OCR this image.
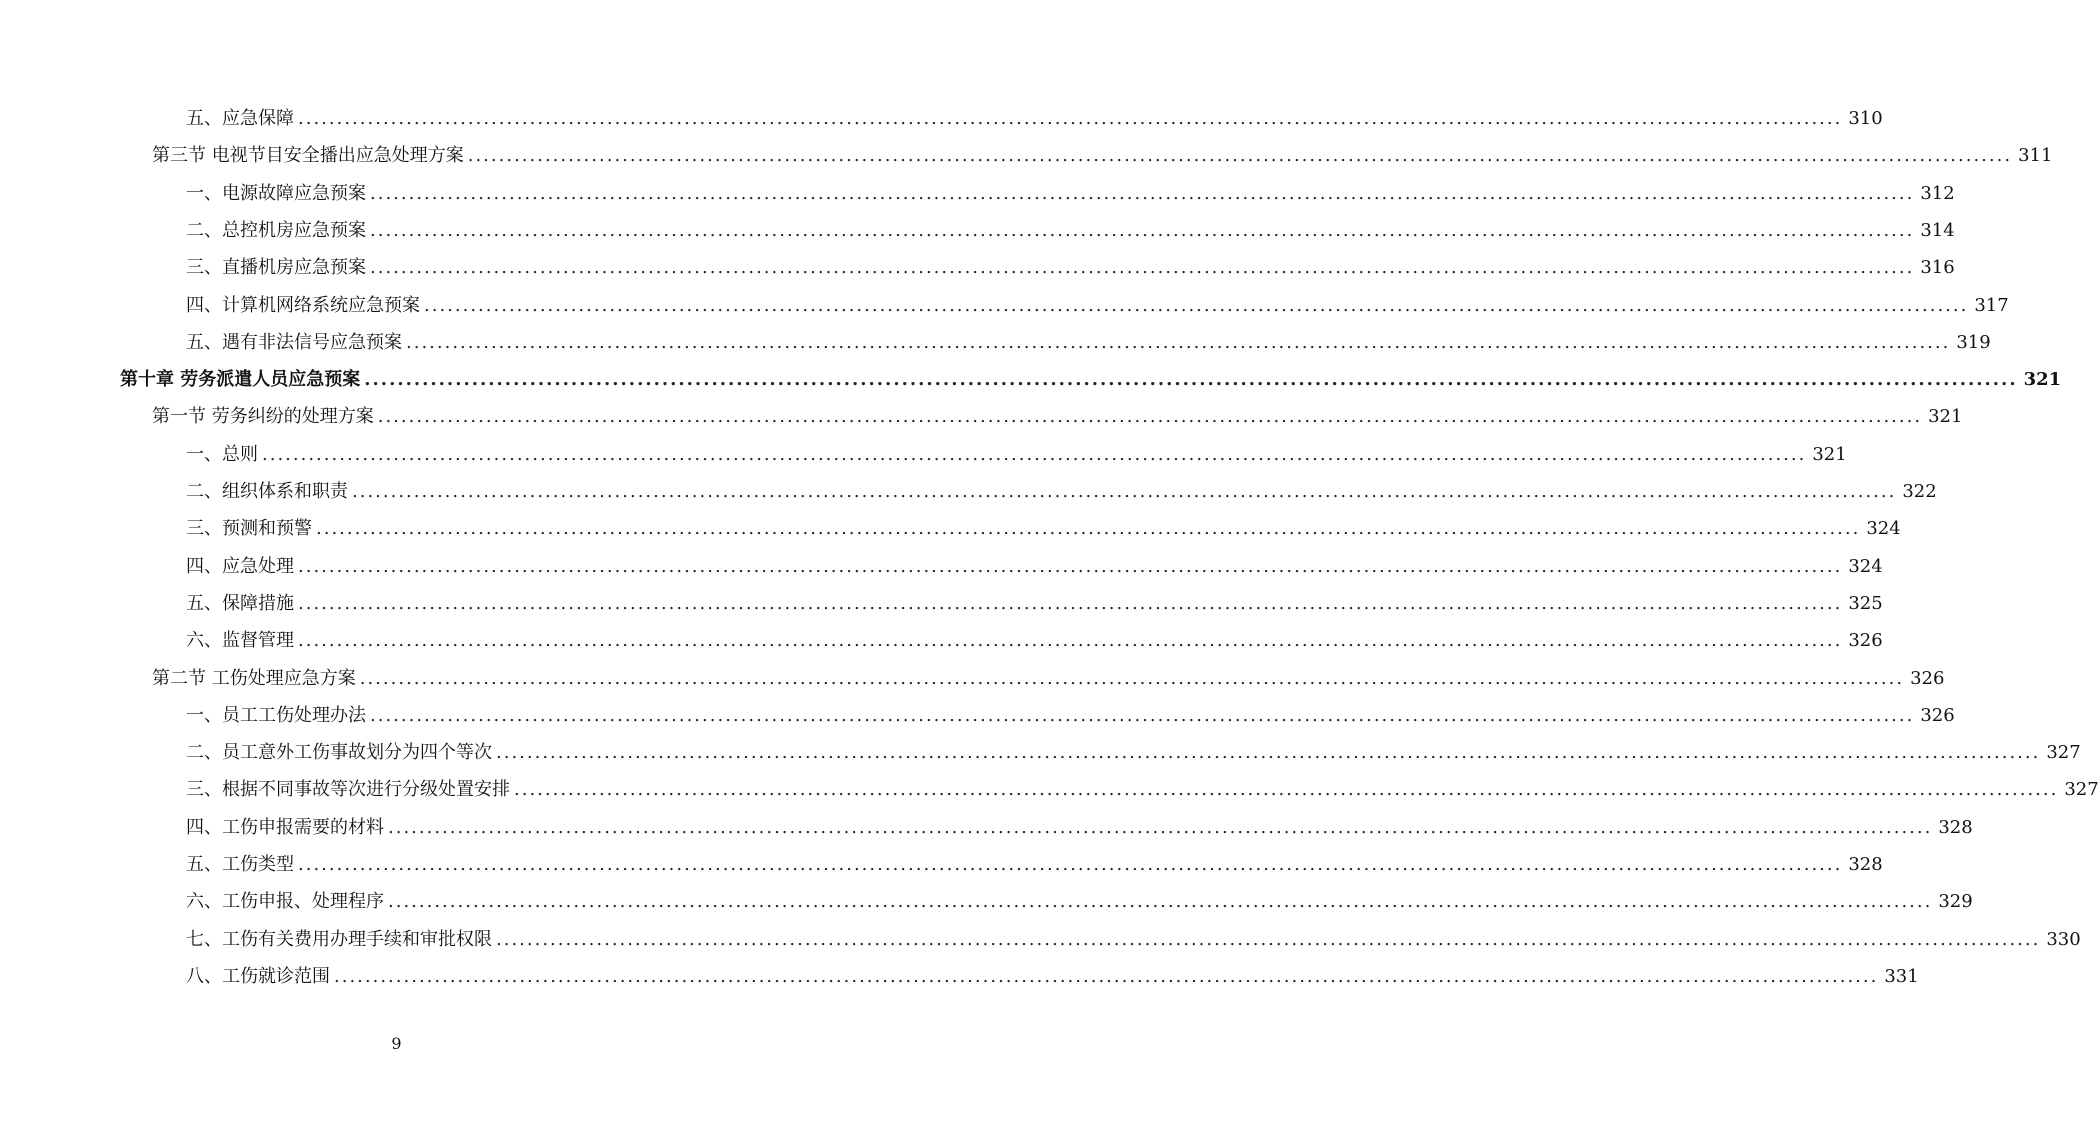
五、应急保障 ........................................................................................................................................................................................................ 310
第三节 电视节目安全播出应急处理方案 ........................................................................................................................................................................................................ 311
一、电源故障应急预案 ........................................................................................................................................................................................................ 312
二、总控机房应急预案 ........................................................................................................................................................................................................ 314
三、直播机房应急预案 ........................................................................................................................................................................................................ 316
四、计算机网络系统应急预案 ........................................................................................................................................................................................................ 317
五、遇有非法信号应急预案 ........................................................................................................................................................................................................ 319
第十章 劳务派遣人员应急预案 ........................................................................................................................................................................................................ 321
第一节 劳务纠纷的处理方案 ........................................................................................................................................................................................................ 321
一、总则 ........................................................................................................................................................................................................ 321
二、组织体系和职责 ........................................................................................................................................................................................................ 322
三、预测和预警 ........................................................................................................................................................................................................ 324
四、应急处理 ........................................................................................................................................................................................................ 324
五、保障措施 ........................................................................................................................................................................................................ 325
六、监督管理 ........................................................................................................................................................................................................ 326
第二节 工伤处理应急方案 ........................................................................................................................................................................................................ 326
一、员工工伤处理办法 ........................................................................................................................................................................................................ 326
二、员工意外工伤事故划分为四个等次 ........................................................................................................................................................................................................ 327
三、根据不同事故等次进行分级处置安排 ........................................................................................................................................................................................................ 327
四、工伤申报需要的材料 ........................................................................................................................................................................................................ 328
五、工伤类型 ........................................................................................................................................................................................................ 328
六、工伤申报、处理程序 ........................................................................................................................................................................................................ 329
七、工伤有关费用办理手续和审批权限 ........................................................................................................................................................................................................ 330
八、工伤就诊范围 ........................................................................................................................................................................................................ 331
9
